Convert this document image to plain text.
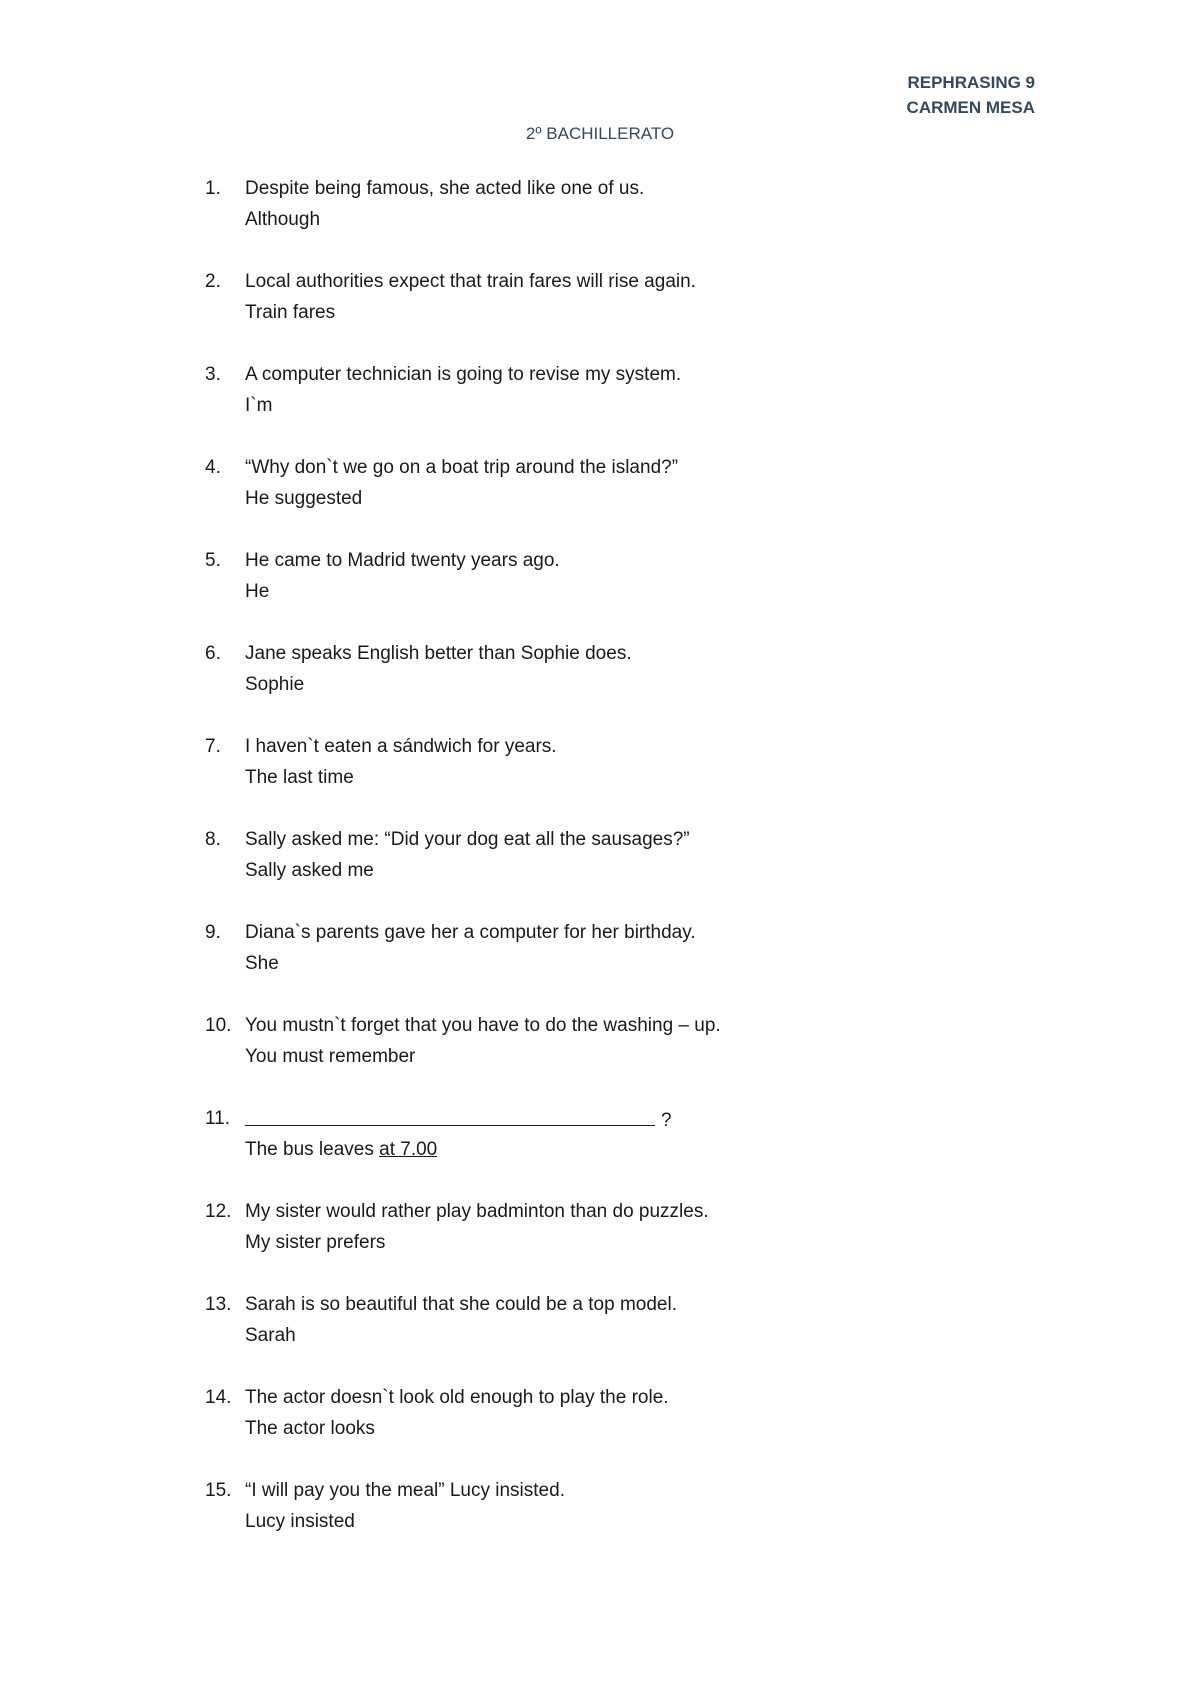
REPHRASING 9
CARMEN MESA
2º BACHILLERATO
1.	Despite being famous, she acted like one of us.
Although
2.	Local authorities expect that train fares will rise again.
Train fares
3.	A computer technician is going to revise my system.
I`m
4.	“Why don`t we go on a boat trip around the island?”
He suggested
5.	He came to Madrid twenty years ago.
He
6.	Jane speaks English better than Sophie does.
Sophie
7.	I haven`t eaten a sándwich for years.
The last time
8.	Sally asked me: “Did your dog eat all the sausages?”
Sally asked me
9.	Diana`s parents gave her a computer for her birthday.
She
10. You mustn`t forget that you have to do the washing – up.
You must remember
11.	?
The bus leaves at 7.00
12. My sister would rather play badminton than do puzzles.
My sister prefers
13. Sarah is so beautiful that she could be a top model.
Sarah
14. The actor doesn`t look old enough to play the role.
The actor looks
15. “I will pay you the meal” Lucy insisted.
Lucy insisted
